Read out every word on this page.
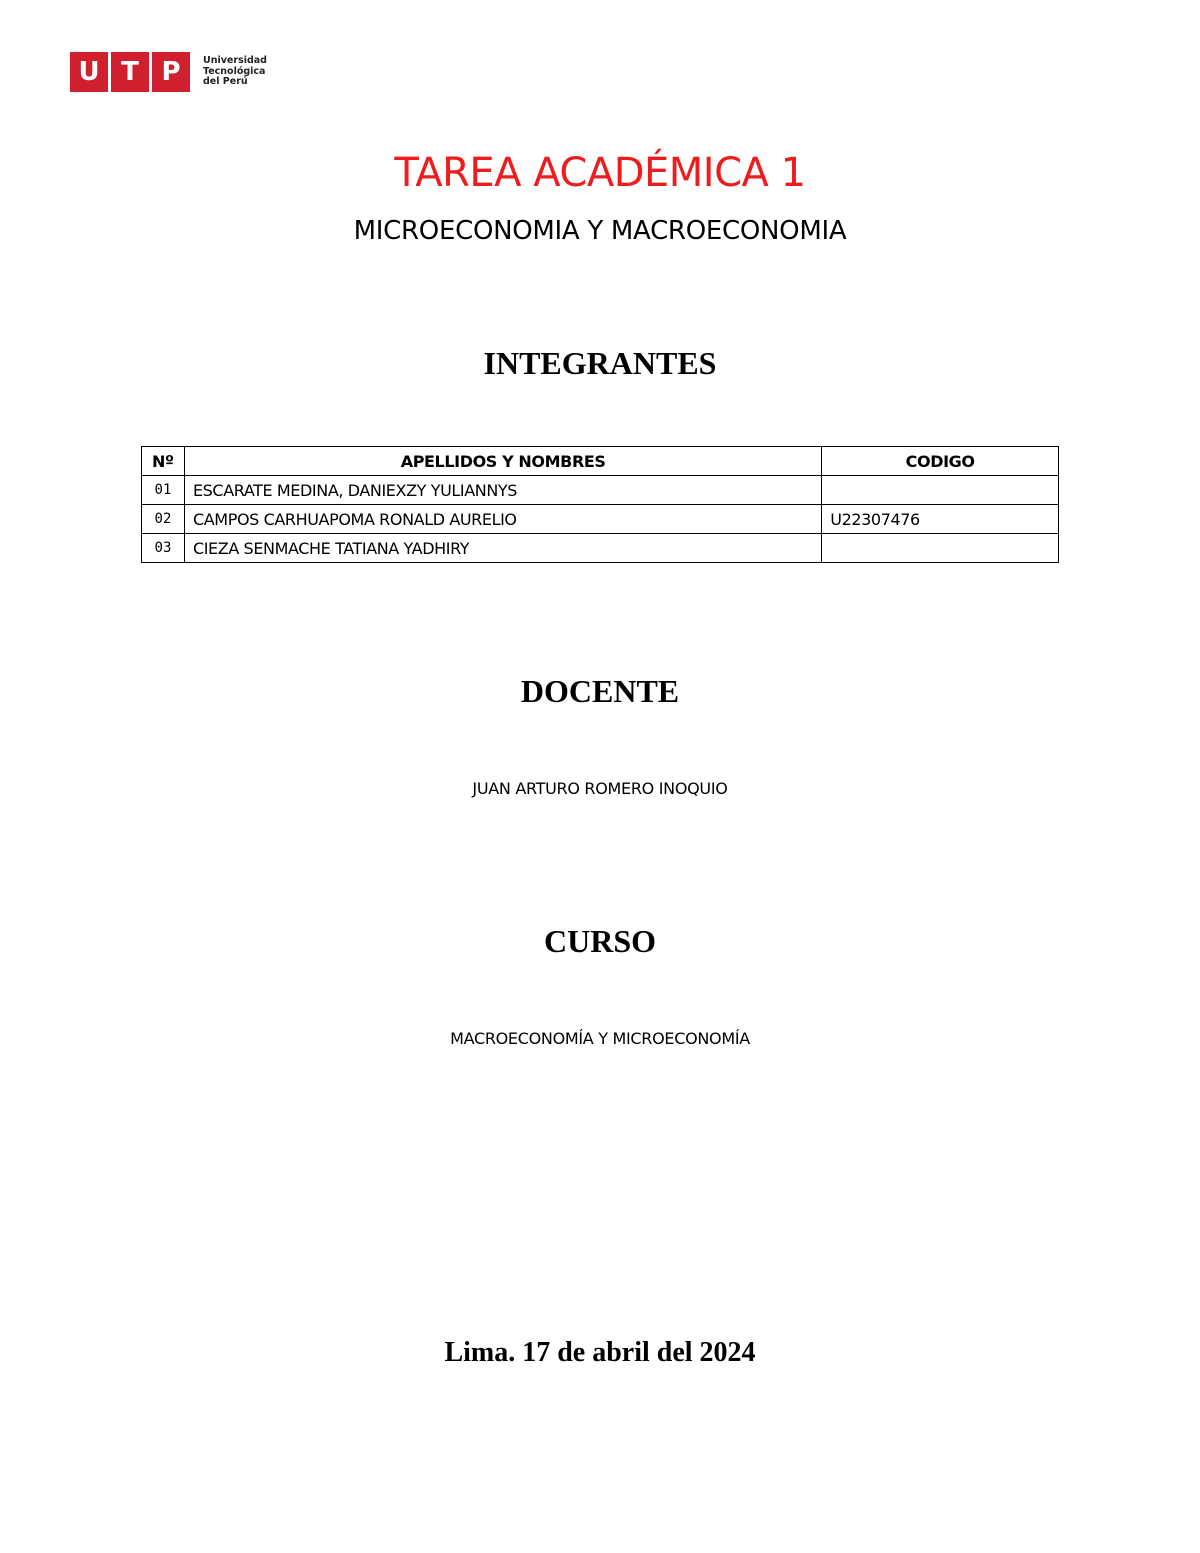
U T P	Universidad
Tecnológica
del Perú
TAREA ACADÉMICA 1
MICROECONOMIA Y MACROECONOMIA
INTEGRANTES
Nº	APELLIDOS Y NOMBRES	CODIGO
01	ESCARATE MEDINA, DANIEXZY YULIANNYS	
02	CAMPOS CARHUAPOMA RONALD AURELIO	U22307476
03	CIEZA SENMACHE TATIANA YADHIRY	
DOCENTE
JUAN ARTURO ROMERO INOQUIO
CURSO
MACROECONOMÍA Y MICROECONOMÍA
Lima. 17 de abril del 2024
